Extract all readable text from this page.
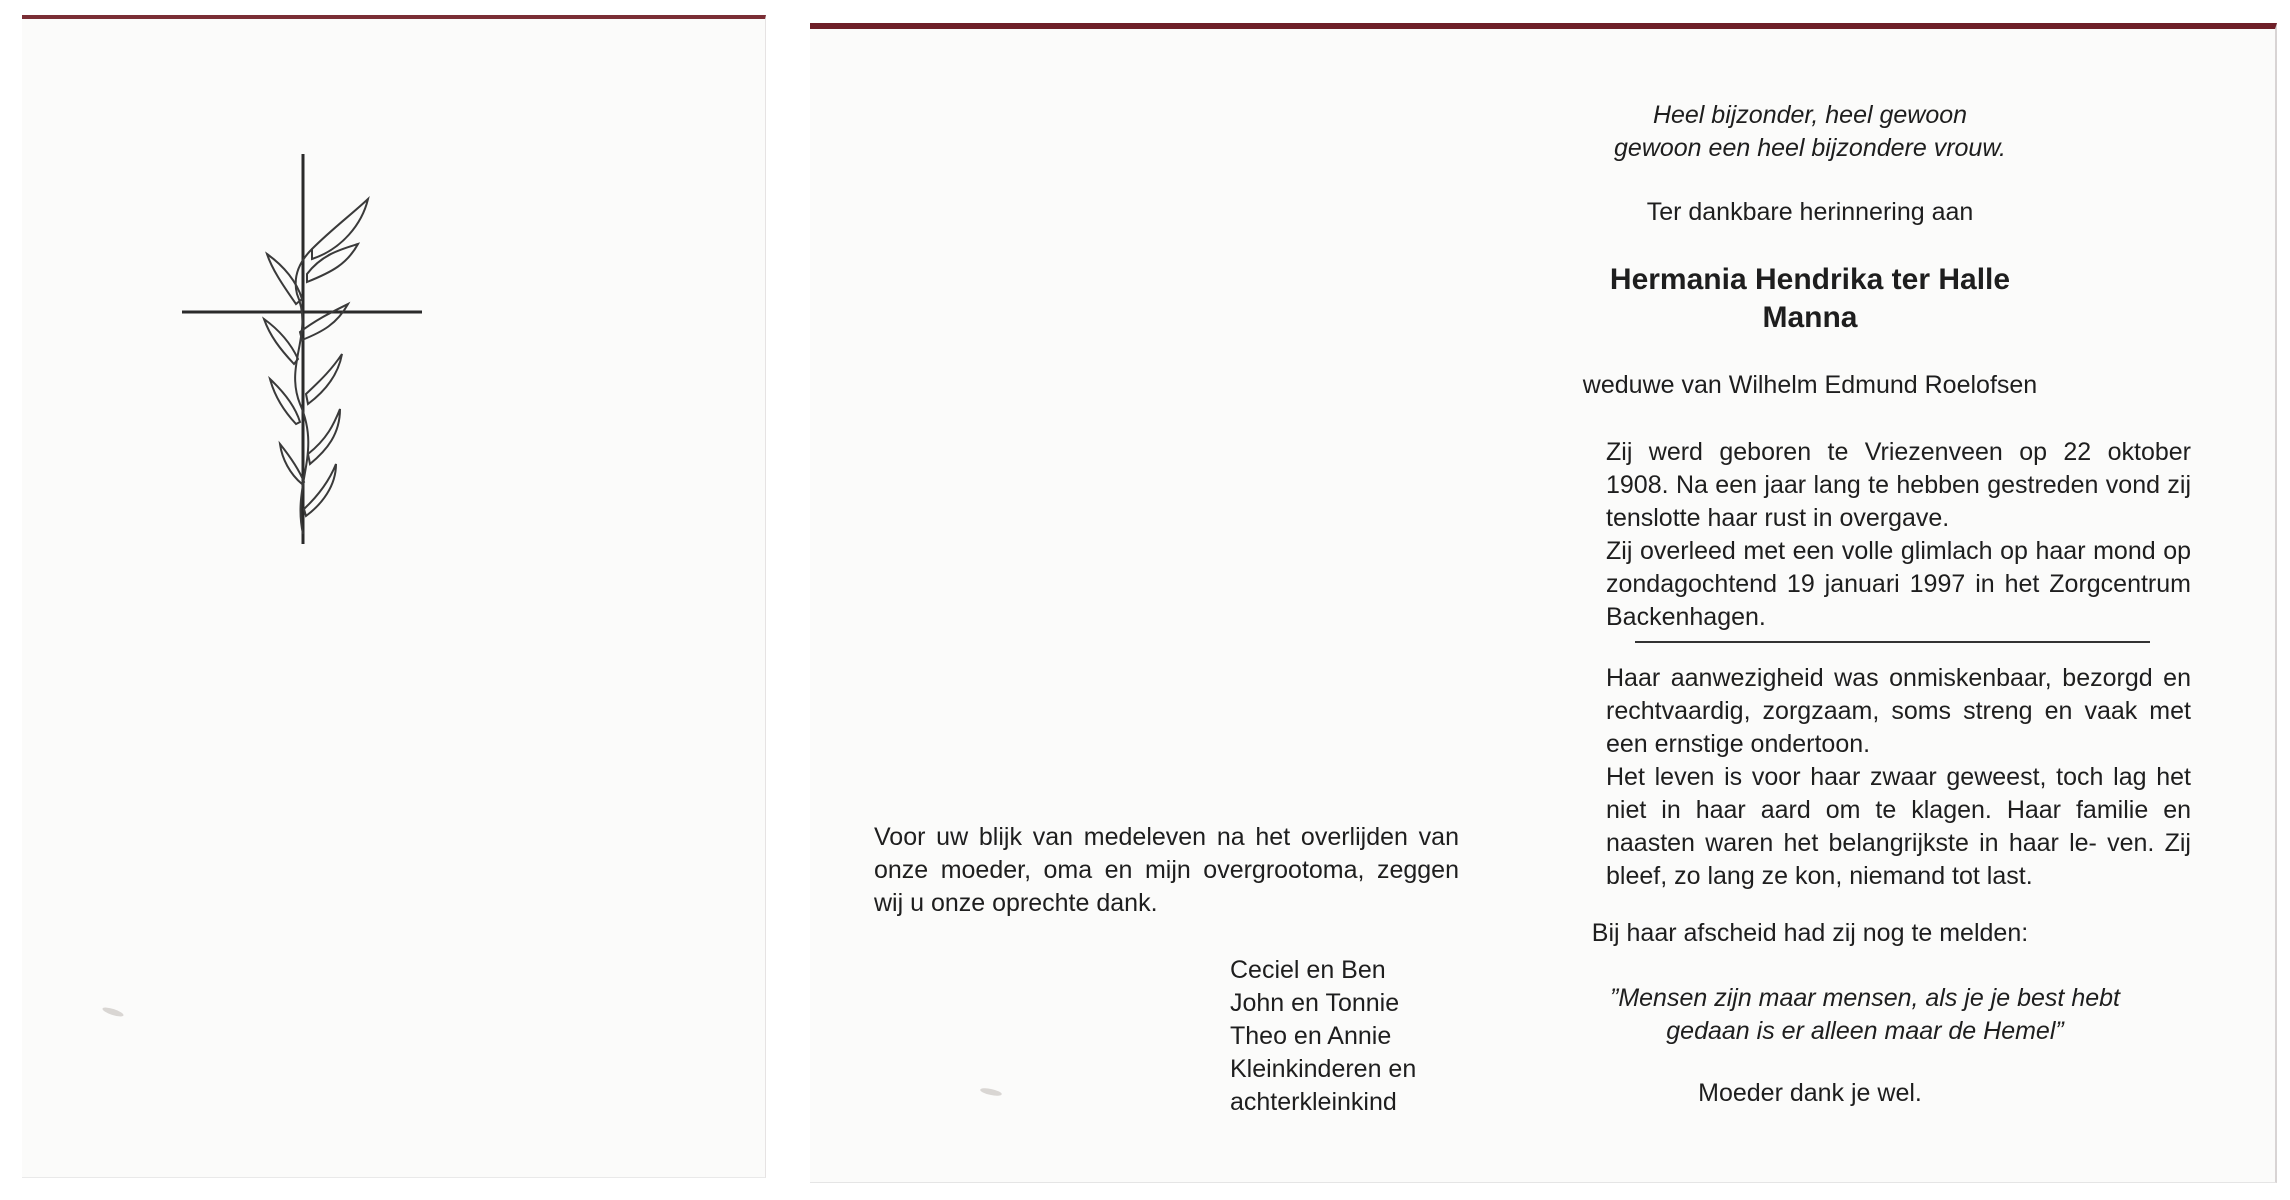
Heel bijzonder, heel gewoon
gewoon een heel bijzondere vrouw.
Ter dankbare herinnering aan
Hermania Hendrika ter Halle
Manna
weduwe van Wilhelm Edmund Roelofsen
Zij werd geboren te Vriezenveen op 22 oktober 1908. Na een jaar lang te hebben gestreden vond zij tenslotte haar rust in overgave.
Zij overleed met een volle glimlach op haar mond op zondagochtend 19 januari 1997 in het Zorgcentrum Backenhagen.
Haar aanwezigheid was onmiskenbaar, bezorgd en rechtvaardig, zorgzaam, soms streng en vaak met een ernstige ondertoon.
Het leven is voor haar zwaar geweest, toch lag het niet in haar aard om te klagen. Haar familie en naasten waren het belangrijkste in haar le- ven. Zij bleef, zo lang ze kon, niemand tot last.
Bij haar afscheid had zij nog te melden:
”Mensen zijn maar mensen, als je je best hebt gedaan is er alleen maar de Hemel”
Moeder dank je wel.
Voor uw blijk van medeleven na het overlijden van onze moeder, oma en mijn overgrootoma, zeggen wij u onze oprechte dank.
Ceciel en Ben
John en Tonnie
Theo en Annie
Kleinkinderen en
achterkleinkind
